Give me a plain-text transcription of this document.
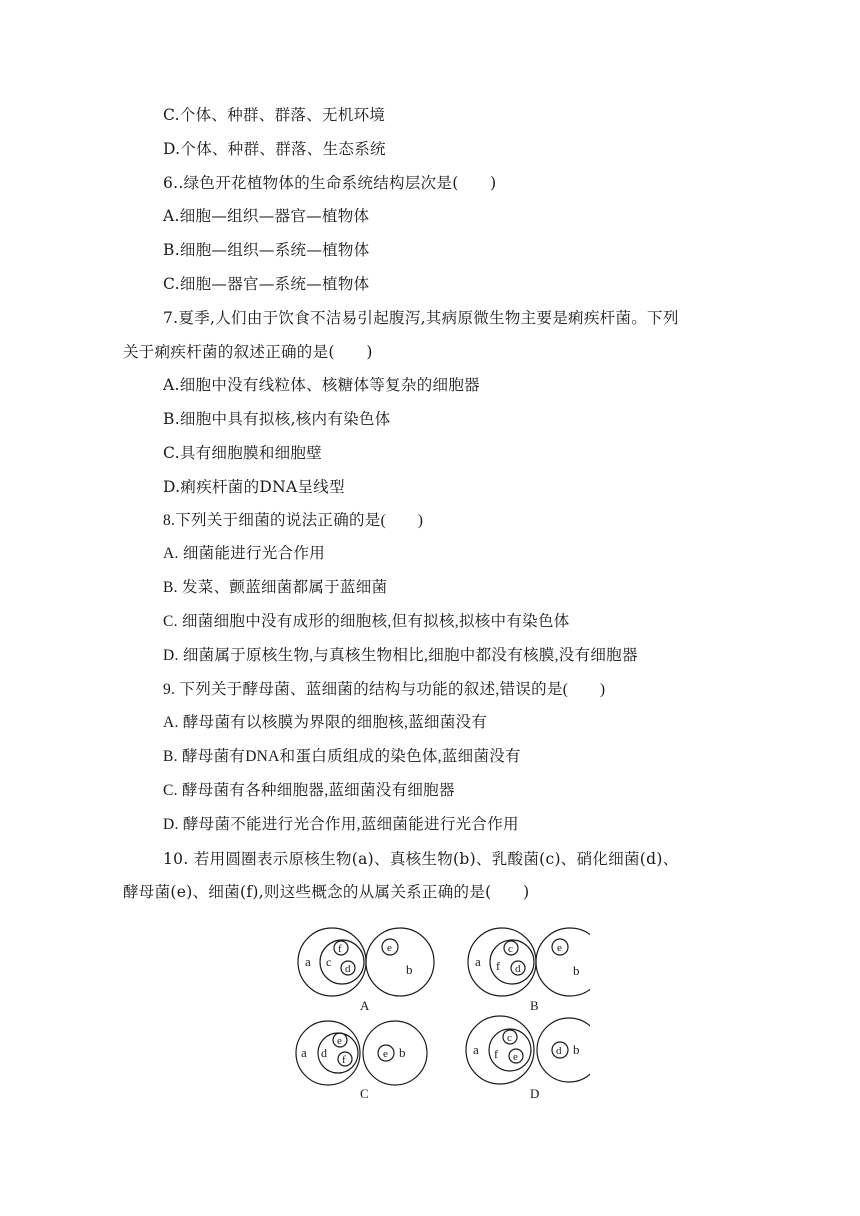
C.个体、种群、群落、无机环境
D.个体、种群、群落、生态系统
6..绿色开花植物体的生命系统结构层次是(　　)
A.细胞—组织—器官—植物体
B.细胞—组织—系统—植物体
C.细胞—器官—系统—植物体
7.夏季,人们由于饮食不洁易引起腹泻,其病原微生物主要是痢疾杆菌。下列
关于痢疾杆菌的叙述正确的是(　　)
A.细胞中没有线粒体、核糖体等复杂的细胞器
B.细胞中具有拟核,核内有染色体
C.具有细胞膜和细胞壁
D.痢疾杆菌的DNA呈线型
8.下列关于细菌的说法正确的是(　　)
A. 细菌能进行光合作用
B. 发菜、颤蓝细菌都属于蓝细菌
C. 细菌细胞中没有成形的细胞核,但有拟核,拟核中有染色体
D. 细菌属于原核生物,与真核生物相比,细胞中都没有核膜,没有细胞器
9. 下列关于酵母菌、蓝细菌的结构与功能的叙述,错误的是(　　)
A. 酵母菌有以核膜为界限的细胞核,蓝细菌没有
B. 酵母菌有DNA和蛋白质组成的染色体,蓝细菌没有
C. 酵母菌有各种细胞器,蓝细菌没有细胞器
D. 酵母菌不能进行光合作用,蓝细菌能进行光合作用
10. 若用圆圈表示原核生物(a)、真核生物(b)、乳酸菌(c)、硝化细菌(d)、
酵母菌(e)、细菌(f),则这些概念的从属关系正确的是(　　)
a c
f
d
e
b
A
a f
c
d
e
b
B
a d
e
f	e b
C
a f
c
e	d b
D
